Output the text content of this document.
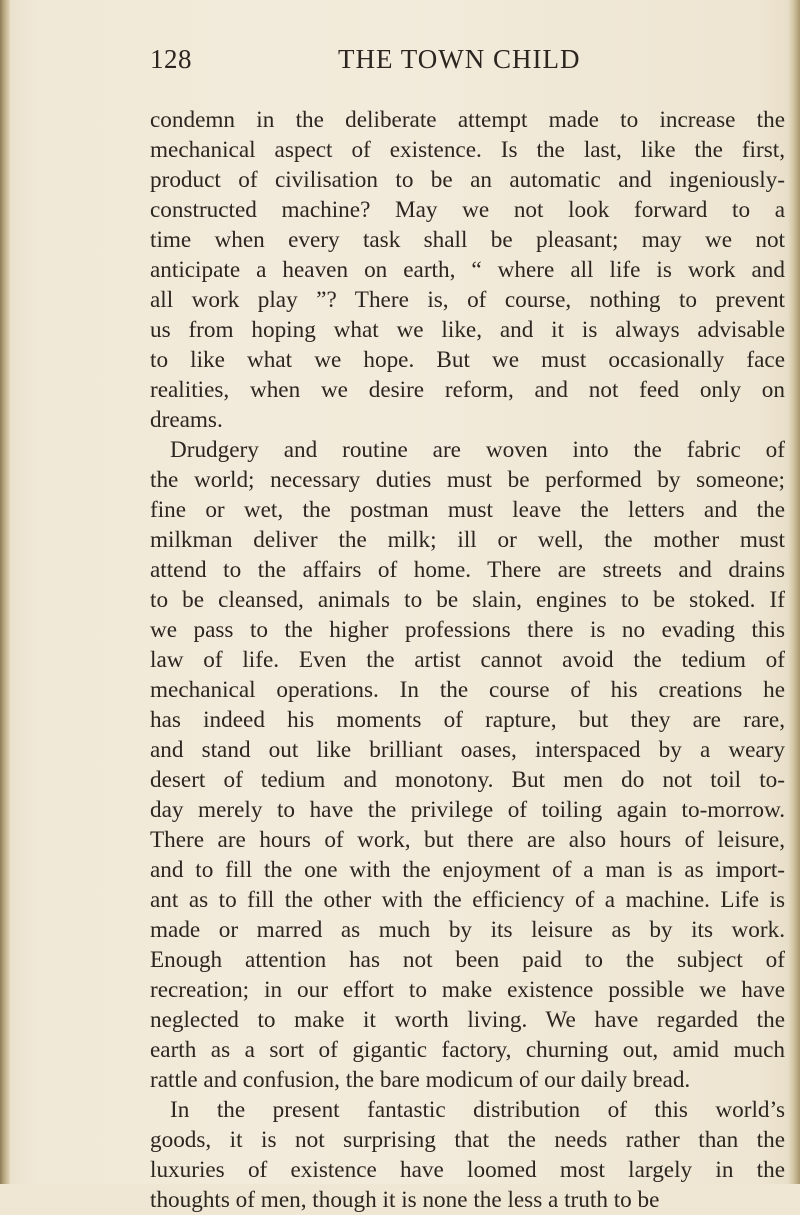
128	THE TOWN CHILD
condemn in the deliberate attempt made to increase the
mechanical aspect of existence. Is the last, like the first,
product of civilisation to be an automatic and ingeniously-
constructed machine? May we not look forward to a
time when every task shall be pleasant; may we not
anticipate a heaven on earth, “ where all life is work and
all work play ”? There is, of course, nothing to prevent
us from hoping what we like, and it is always advisable
to like what we hope. But we must occasionally face
realities, when we desire reform, and not feed only on
dreams.
Drudgery and routine are woven into the fabric of
the world; necessary duties must be performed by someone;
fine or wet, the postman must leave the letters and the
milkman deliver the milk; ill or well, the mother must
attend to the affairs of home. There are streets and drains
to be cleansed, animals to be slain, engines to be stoked. If
we pass to the higher professions there is no evading this
law of life. Even the artist cannot avoid the tedium of
mechanical operations. In the course of his creations he
has indeed his moments of rapture, but they are rare,
and stand out like brilliant oases, interspaced by a weary
desert of tedium and monotony. But men do not toil to-
day merely to have the privilege of toiling again to-morrow.
There are hours of work, but there are also hours of leisure,
and to fill the one with the enjoyment of a man is as import-
ant as to fill the other with the efficiency of a machine. Life is
made or marred as much by its leisure as by its work.
Enough attention has not been paid to the subject of
recreation; in our effort to make existence possible we have
neglected to make it worth living. We have regarded the
earth as a sort of gigantic factory, churning out, amid much
rattle and confusion, the bare modicum of our daily bread.
In the present fantastic distribution of this world’s
goods, it is not surprising that the needs rather than the
luxuries of existence have loomed most largely in the
thoughts of men, though it is none the less a truth to be
